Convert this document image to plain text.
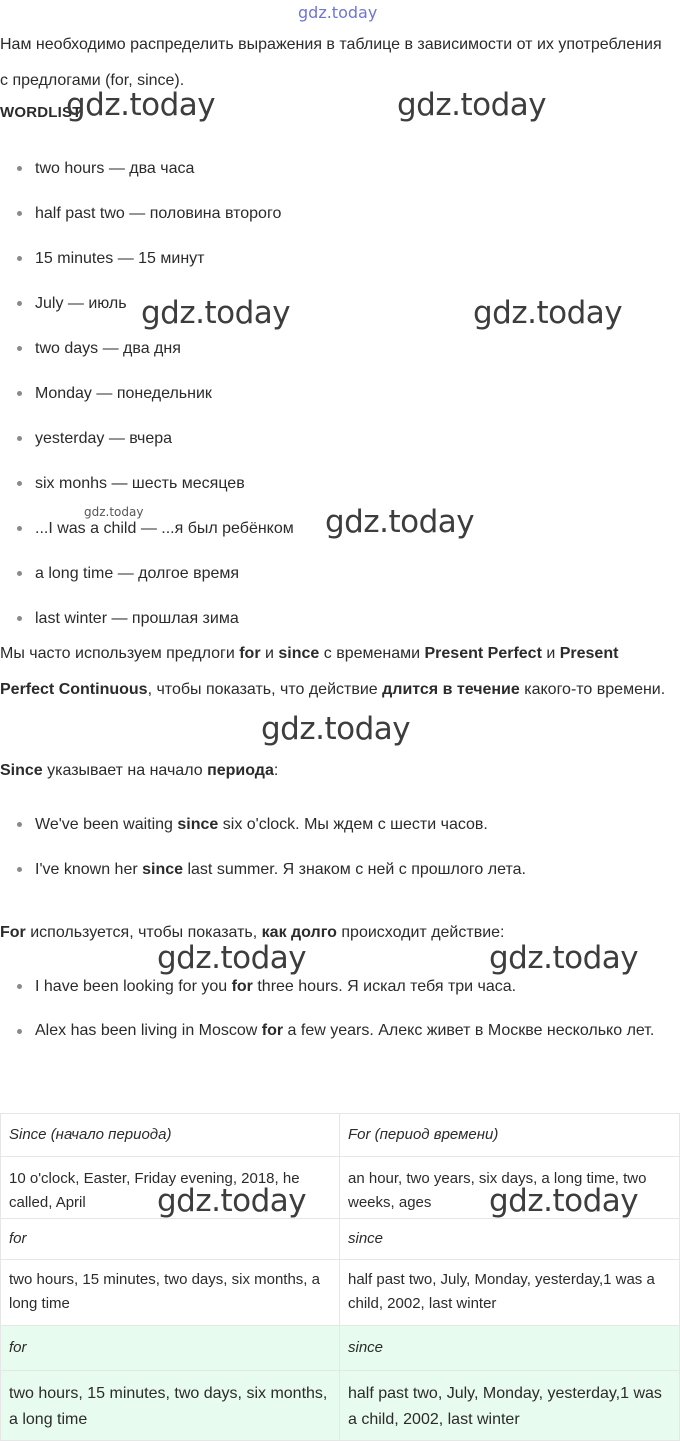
gdz.today
Нам необходимо распределить выражения в таблице в зависимости от их употребления с предлогами (for, since).
WORDLIST
two hours — два часа
half past two — половина второго
15 minutes — 15 минут
July — июль
two days — два дня
Monday — понедельник
yesterday — вчера
six monhs — шесть месяцев
...I was a child — ...я был ребёнком
a long time — долгое время
last winter — прошлая зима
Мы часто используем предлоги for и since с временами Present Perfect и Present Perfect Continuous, чтобы показать, что действие длится в течение какого-то времени.
Since указывает на начало периода:
We've been waiting since six o'clock. Мы ждем с шести часов.
I've known her since last summer. Я знаком с ней с прошлого лета.
For используется, чтобы показать, как долго происходит действие:
I have been looking for you for three hours. Я искал тебя три часа.
Alex has been living in Moscow for a few years. Алекс живет в Москве несколько лет.
Since (начало периода)	For (период времени)
10 o'clock, Easter, Friday evening, 2018, he called, April	an hour, two years, six days, a long time, two weeks, ages
for	since
two hours, 15 minutes, two days, six months, a long time	half past two, July, Monday, yesterday,1 was a child, 2002, last winter
for	since
two hours, 15 minutes, two days, six months, a long time	half past two, July, Monday, yesterday,1 was a child, 2002, last winter
gdz.today	gdz.today
gdz.today	gdz.today
gdz.today	gdz.today
gdz.today
gdz.today	gdz.today
gdz.today	gdz.today
